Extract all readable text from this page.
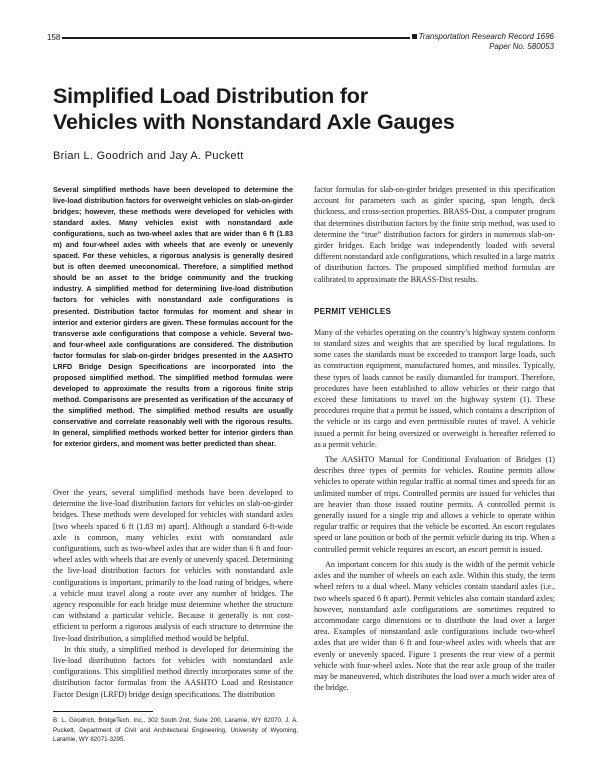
158	Transportation Research Record 1696
Paper No. 580053
Simplified Load Distribution for
Vehicles with Nonstandard Axle Gauges
Brian L. Goodrich and Jay A. Puckett

Several simplified methods have been developed to determine the live-load distribution factors for overweight vehicles on slab-on-girder bridges; however, these methods were developed for vehicles with standard axles. Many vehicles exist with nonstandard axle configurations, such as two-wheel axles that are wider than 6 ft (1.83 m) and four-wheel axles with wheels that are evenly or unevenly spaced. For these vehicles, a rigorous analysis is generally desired but is often deemed uneconomical. Therefore, a simplified method should be an asset to the bridge community and the trucking industry. A simplified method for determining live-load distribution factors for vehicles with nonstandard axle configurations is presented. Distribution factor formulas for moment and shear in interior and exterior girders are given. These formulas account for the transverse axle configurations that compose a vehicle. Several two- and four-wheel axle configurations are considered. The distribution factor formulas for slab-on-girder bridges presented in the AASHTO LRFD Bridge Design Specifications are incorporated into the proposed simplified method. The simplified method formulas were developed to approximate the results from a rigorous finite strip method. Comparisons are presented as verification of the accuracy of the simplified method. The simplified method results are usually conservative and correlate reasonably well with the rigorous results. In general, simplified methods worked better for interior girders than for exterior girders, and moment was better predicted than shear.

Over the years, several simplified methods have been developed to determine the live-load distribution factors for vehicles on slab-on-girder bridges. These methods were developed for vehicles with standard axles [two wheels spaced 6 ft (1.83 m) apart]. Although a standard 6-ft-wide axle is common, many vehicles exist with nonstandard axle configurations, such as two-wheel axles that are wider than 6 ft and four-wheel axles with wheels that are evenly or unevenly spaced. Determining the live-load distribution factors for vehicles with nonstandard axle configurations is important, primarily to the load rating of bridges, where a vehicle must travel along a route over any number of bridges. The agency responsible for each bridge must determine whether the structure can withstand a particular vehicle. Because it generally is not cost-efficient to perform a rigorous analysis of each structure to determine the live-load distribution, a simplified method would be helpful.

In this study, a simplified method is developed for determining the live-load distribution factors for vehicles with nonstandard axle configurations. This simplified method directly incorporates some of the distribution factor formulas from the AASHTO Load and Resistance Factor Design (LRFD) bridge design specifications. The distribution

factor formulas for slab-on-girder bridges presented in this specification account for parameters such as girder spacing, span length, deck thickness, and cross-section properties. BRASS-Dist, a computer program that determines distribution factors by the finite strip method, was used to determine the “true” distribution factors for girders in numerous slab-on-girder bridges. Each bridge was independently loaded with several different nonstandard axle configurations, which resulted in a large matrix of distribution factors. The proposed simplified method formulas are calibrated to approximate the BRASS-Dist results.

PERMIT VEHICLES

Many of the vehicles operating on the country’s highway system conform to standard sizes and weights that are specified by local regulations. In some cases the standards must be exceeded to transport large loads, such as construction equipment, manufactured homes, and missiles. Typically, these types of loads cannot be easily dismantled for transport. Therefore, procedures have been established to allow vehicles or their cargo that exceed these limitations to travel on the highway system (1). These procedures require that a permit be issued, which contains a description of the vehicle or its cargo and even permissible routes of travel. A vehicle issued a permit for being oversized or overweight is hereafter referred to as a permit vehicle.

The AASHTO Manual for Conditional Evaluation of Bridges (1) describes three types of permits for vehicles. Routine permits allow vehicles to operate within regular traffic at normal times and speeds for an unlimited number of trips. Controlled permits are issued for vehicles that are heavier than those issued routine permits. A controlled permit is generally issued for a single trip and allows a vehicle to operate within regular traffic or requires that the vehicle be escorted. An escort regulates speed or lane position or both of the permit vehicle during its trip. When a controlled permit vehicle requires an escort, an escort permit is issued.

An important concern for this study is the width of the permit vehicle axles and the number of wheels on each axle. Within this study, the term wheel refers to a dual wheel. Many vehicles contain standard axles (i.e., two wheels spaced 6 ft apart). Permit vehicles also contain standard axles; however, nonstandard axle configurations are sometimes required to accommodate cargo dimensions or to distribute the load over a larger area. Examples of nonstandard axle configurations include two-wheel axles that are wider than 6 ft and four-wheel axles with wheels that are evenly or unevenly spaced. Figure 1 presents the rear view of a permit vehicle with four-wheel axles. Note that the rear axle group of the trailer may be maneuvered, which distributes the load over a much wider area of the bridge.

B. L. Goodrich, BridgeTech, Inc., 302 South 2nd, Suite 200, Laramie, WY 82070. J. A. Puckett, Department of Civil and Architectural Engineering, University of Wyoming, Laramie, WY 82071-3295.
